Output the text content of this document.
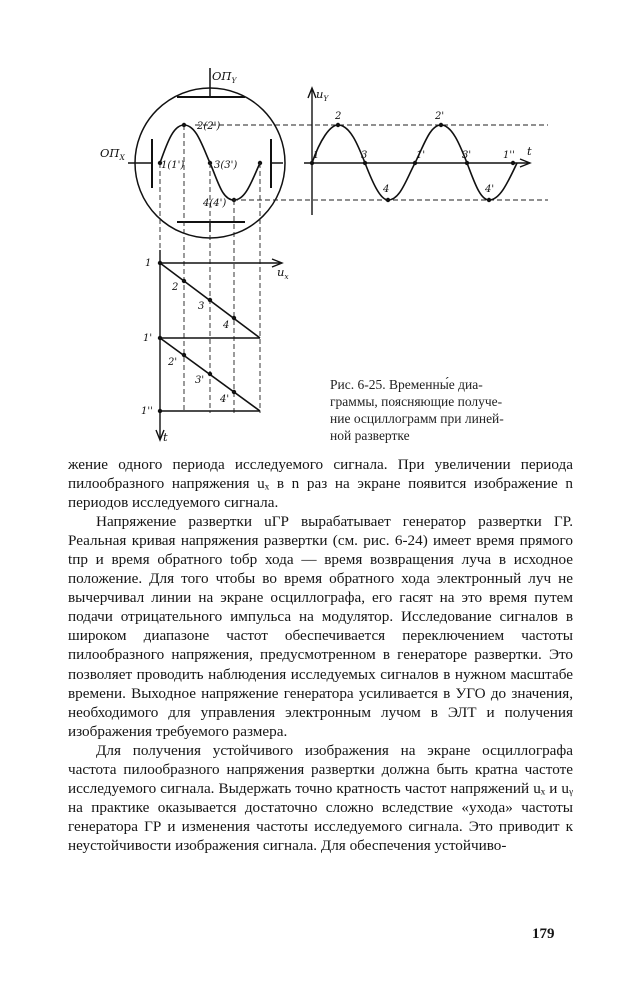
$ОП_Y$
$ОП_X$
2(2')
1(1')	3(3')
4(4')
$u_Y$
t
1
2
3
4
1'
2'
3'
4'
1''
$u_x$
t
1
2
3
4
1'
2'
3'
4'
1''
Рис. 6-25. Временны́е диа-
граммы, поясняющие получе-
ние осциллограмм при линей-
ной развертке

жение одного периода исследуемого сигнала. При увеличении периода пилообразного напряжения uₓ в n раз на экране появится изображение n периодов исследуемого сигнала.

Напряжение развертки uГР вырабатывает генератор развертки ГР. Реальная кривая напряжения развертки (см. рис. 6-24) имеет время прямого tпр и время обратного tобр хода — время возвращения луча в исходное положение. Для того чтобы во время обратного хода электронный луч не вычерчивал линии на экране осциллографа, его гасят на это время путем подачи отрицательного импульса на модулятор. Исследование сигналов в широком диапазоне частот обеспечивается переключением частоты пилообразного напряжения, предусмотренном в генераторе развертки. Это позволяет проводить наблюдения исследуемых сигналов в нужном масштабе времени. Выходное напряжение генератора усиливается в УГО до значения, необходимого для управления электронным лучом в ЭЛТ и получения изображения требуемого размера.

Для получения устойчивого изображения на экране осциллографа частота пилообразного напряжения развертки должна быть кратна частоте исследуемого сигнала. Выдержать точно кратность частот напряжений uₓ и uᵧ на практике оказывается достаточно сложно вследствие «ухода» частоты генератора ГР и изменения частоты исследуемого сигнала. Это приводит к неустойчивости изображения сигнала. Для обеспечения устойчиво-

179
